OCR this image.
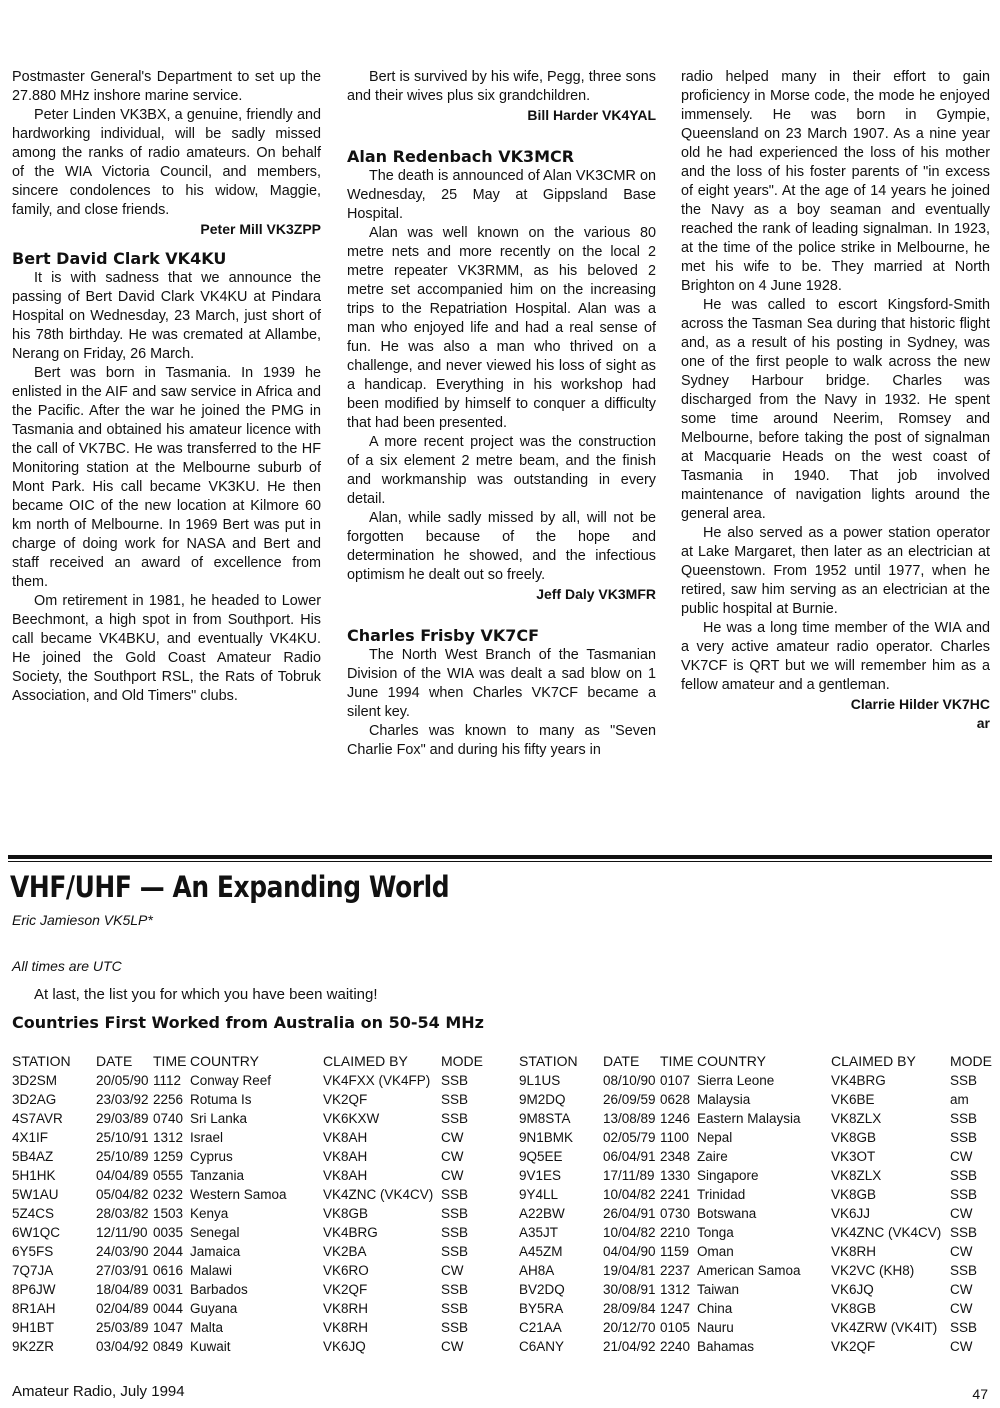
Postmaster General's Department to set up the 27.880 MHz inshore marine service.

Peter Linden VK3BX, a genuine, friendly and hardworking individual, will be sadly missed among the ranks of radio amateurs. On behalf of the WIA Victoria Council, and members, sincere condolences to his widow, Maggie, family, and close friends.

Peter Mill VK3ZPP

Bert David Clark VK4KU

It is with sadness that we announce the passing of Bert David Clark VK4KU at Pindara Hospital on Wednesday, 23 March, just short of his 78th birthday. He was cremated at Allambe, Nerang on Friday, 26 March.

Bert was born in Tasmania. In 1939 he enlisted in the AIF and saw service in Africa and the Pacific. After the war he joined the PMG in Tasmania and obtained his amateur licence with the call of VK7BC. He was transferred to the HF Monitoring station at the Melbourne suburb of Mont Park. His call became VK3KU. He then became OIC of the new location at Kilmore 60 km north of Melbourne. In 1969 Bert was put in charge of doing work for NASA and Bert and staff received an award of excellence from them.

Om retirement in 1981, he headed to Lower Beechmont, a high spot in from Southport. His call became VK4BKU, and eventually VK4KU. He joined the Gold Coast Amateur Radio Society, the Southport RSL, the Rats of Tobruk Association, and Old Timers" clubs.

Bert is survived by his wife, Pegg, three sons and their wives plus six grandchildren.

Bill Harder VK4YAL

Alan Redenbach VK3MCR

The death is announced of Alan VK3CMR on Wednesday, 25 May at Gippsland Base Hospital.

Alan was well known on the various 80 metre nets and more recently on the local 2 metre repeater VK3RMM, as his beloved 2 metre set accompanied him on the increasing trips to the Repatriation Hospital. Alan was a man who enjoyed life and had a real sense of fun. He was also a man who thrived on a challenge, and never viewed his loss of sight as a handicap. Everything in his workshop had been modified by himself to conquer a difficulty that had been presented.

A more recent project was the construction of a six element 2 metre beam, and the finish and workmanship was outstanding in every detail.

Alan, while sadly missed by all, will not be forgotten because of the hope and determination he showed, and the infectious optimism he dealt out so freely.

Jeff Daly VK3MFR

Charles Frisby VK7CF

The North West Branch of the Tasmanian Division of the WIA was dealt a sad blow on 1 June 1994 when Charles VK7CF became a silent key.

Charles was known to many as "Seven Charlie Fox" and during his fifty years in

radio helped many in their effort to gain proficiency in Morse code, the mode he enjoyed immensely. He was born in Gympie, Queensland on 23 March 1907. As a nine year old he had experienced the loss of his mother and the loss of his foster parents of "in excess of eight years". At the age of 14 years he joined the Navy as a boy seaman and eventually reached the rank of leading signalman. In 1923, at the time of the police strike in Melbourne, he met his wife to be. They married at North Brighton on 4 June 1928.

He was called to escort Kingsford-Smith across the Tasman Sea during that historic flight and, as a result of his posting in Sydney, was one of the first people to walk across the new Sydney Harbour bridge. Charles was discharged from the Navy in 1932. He spent some time around Neerim, Romsey and Melbourne, before taking the post of signalman at Macquarie Heads on the west coast of Tasmania in 1940. That job involved maintenance of navigation lights around the general area.

He also served as a power station operator at Lake Margaret, then later as an electrician at Queenstown. From 1952 until 1977, when he retired, saw him serving as an electrician at the public hospital at Burnie.

He was a long time member of the WIA and a very active amateur radio operator. Charles VK7CF is QRT but we will remember him as a fellow amateur and a gentleman.

Clarrie Hilder VK7HC

ar

VHF/UHF — An Expanding World
Eric Jamieson VK5LP*
All times are UTC
At last, the list you for which you have been waiting!
Countries First Worked from Australia on 50-54 MHz
STATION DATE TIME COUNTRY	CLAIMED BY MODE
3D2SM	20/05/90 1112 Conway Reef	VK4FXX (VK4FP) SSB
3D2AG	23/03/92 2256 Rotuma Is	VK2QF	SSB
4S7AVR 29/03/89 0740 Sri Lanka	VK6KXW	SSB
4X1IF	25/10/91 1312 Israel	VK8AH	CW
5B4AZ	25/10/89 1259 Cyprus	VK8AH	CW
5H1HK	04/04/89 0555 Tanzania	VK8AH	CW
5W1AU	05/04/82 0232 Western Samoa	VK4ZNC (VK4CV) SSB
5Z4CS	28/03/82 1503 Kenya	VK8GB	SSB
6W1QC	12/11/90 0035 Senegal	VK4BRG	SSB
6Y5FS	24/03/90 2044 Jamaica	VK2BA	SSB
7Q7JA	27/03/91 0616 Malawi	VK6RO	CW
8P6JW	18/04/89 0031 Barbados	VK2QF	SSB
8R1AH	02/04/89 0044 Guyana	VK8RH	SSB
9H1BT	25/03/89 1047 Malta	VK8RH	SSB
9K2ZR	03/04/92 0849 Kuwait	VK6JQ	CW
STATION DATE TIME COUNTRY	CLAIMED BY MODE
9L1US	08/10/90 0107 Sierra Leone	VK4BRG	SSB
9M2DQ	26/09/59 0628 Malaysia	VK6BE	am
9M8STA 13/08/89 1246 Eastern Malaysia VK8ZLX	SSB
9N1BMK 02/05/79 1100 Nepal	VK8GB	SSB
9Q5EE	06/04/91 2348 Zaire	VK3OT	CW
9V1ES	17/11/89 1330 Singapore	VK8ZLX	SSB
9Y4LL	10/04/82 2241 Trinidad	VK8GB	SSB
A22BW	26/04/91 0730 Botswana	VK6JJ	CW
A35JT	10/04/82 2210 Tonga	VK4ZNC (VK4CV) SSB
A45ZM	04/04/90 1159 Oman	VK8RH	CW
AH8A	19/04/81 2237 American Samoa VK2VC (KH8)	SSB
BV2DQ	30/08/91 1312 Taiwan	VK6JQ	CW
BY5RA	28/09/84 1247 China	VK8GB	CW
C21AA	20/12/70 0105 Nauru	VK4ZRW (VK4IT) SSB
C6ANY	21/04/92 2240 Bahamas	VK2QF	CW
Amateur Radio, July 1994	47
